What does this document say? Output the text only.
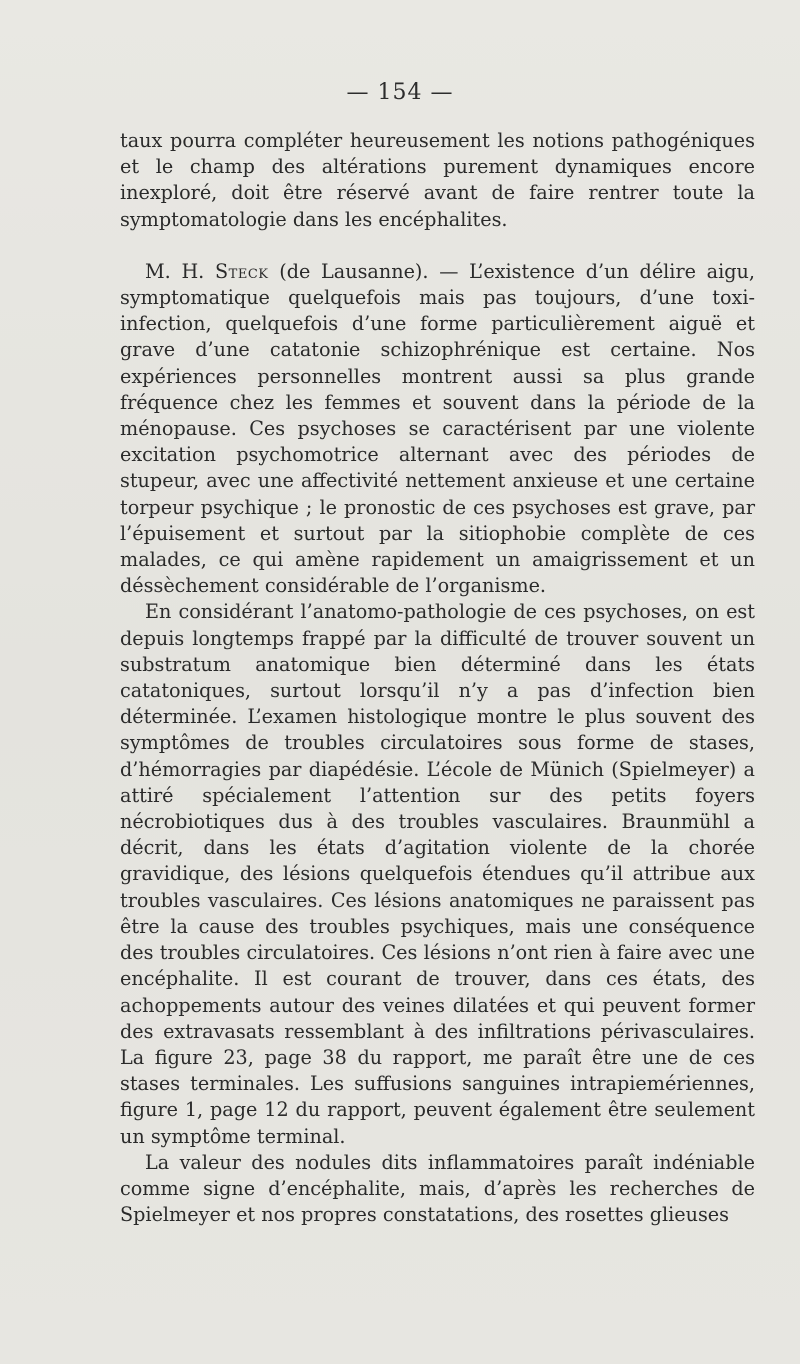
— 154 —

taux pourra compléter heureusement les notions pathogéniques et le champ des altérations purement dynamiques encore inexploré, doit être réservé avant de faire rentrer toute la symptomatologie dans les encéphalites.

M. H. Steck (de Lausanne). — L’existence d’un délire aigu, symptomatique quelquefois mais pas toujours, d’une toxi-infection, quelquefois d’une forme particulièrement aiguë et grave d’une catatonie schizophrénique est certaine. Nos expériences personnelles montrent aussi sa plus grande fréquence chez les femmes et souvent dans la période de la ménopause. Ces psychoses se caractérisent par une violente excitation psychomotrice alternant avec des périodes de stupeur, avec une affectivité nettement anxieuse et une certaine torpeur psychique ; le pronostic de ces psychoses est grave, par l’épuisement et surtout par la sitiophobie complète de ces malades, ce qui amène rapidement un amaigrissement et un déssèchement considérable de l’organisme.

En considérant l’anatomo-pathologie de ces psychoses, on est depuis longtemps frappé par la difficulté de trouver souvent un substratum anatomique bien déterminé dans les états catatoniques, surtout lorsqu’il n’y a pas d’infection bien déterminée. L’examen histologique montre le plus souvent des symptômes de troubles circulatoires sous forme de stases, d’hémorragies par diapédésie. L’école de Münich (Spielmeyer) a attiré spécialement l’attention sur des petits foyers nécrobiotiques dus à des troubles vasculaires. Braunmühl a décrit, dans les états d’agitation violente de la chorée gravidique, des lésions quelquefois étendues qu’il attribue aux troubles vasculaires. Ces lésions anatomiques ne paraissent pas être la cause des troubles psychiques, mais une conséquence des troubles circulatoires. Ces lésions n’ont rien à faire avec une encéphalite. Il est courant de trouver, dans ces états, des achoppements autour des veines dilatées et qui peuvent former des extravasats ressemblant à des infiltrations périvasculaires. La figure 23, page 38 du rapport, me paraît être une de ces stases terminales. Les suffusions sanguines intrapiemériennes, figure 1, page 12 du rapport, peuvent également être seulement un symptôme terminal.

La valeur des nodules dits inflammatoires paraît indéniable comme signe d’encéphalite, mais, d’après les recherches de Spielmeyer et nos propres constatations, des rosettes glieuses
